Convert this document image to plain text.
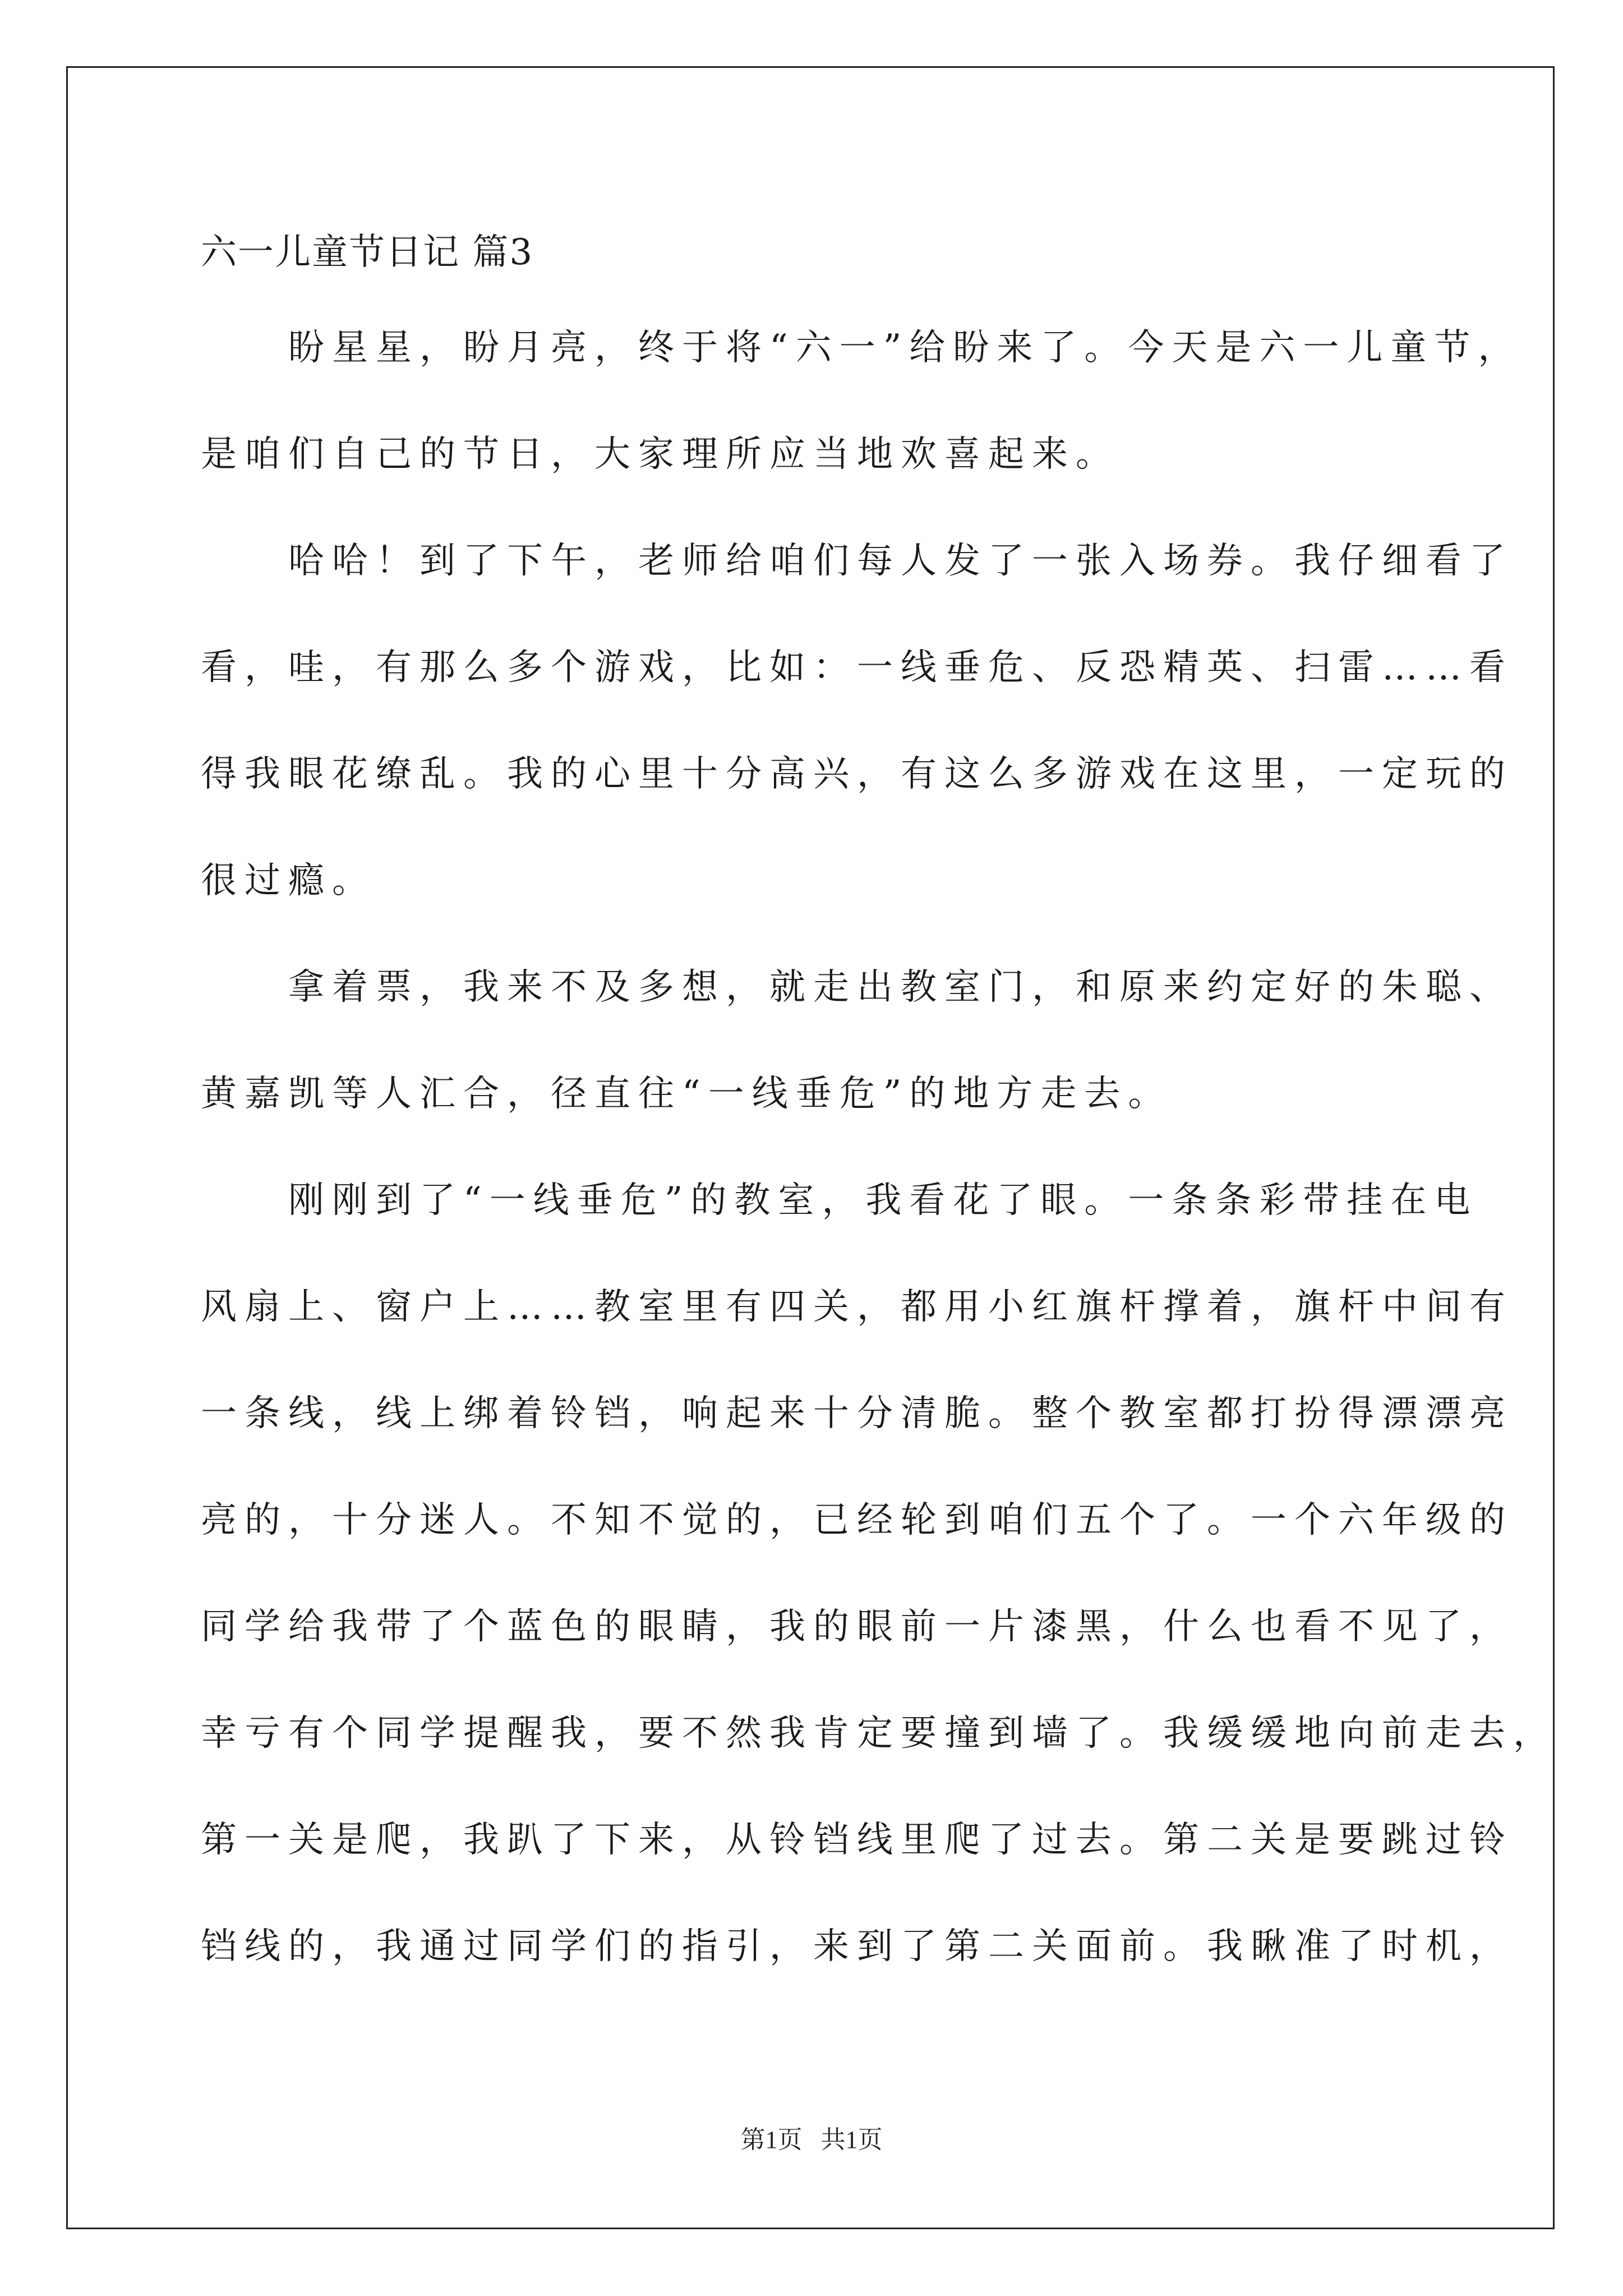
六一儿童节日记 篇3
　　盼星星，盼月亮，终于将“六一”给盼来了。今天是六一儿童节，
是咱们自己的节日，大家理所应当地欢喜起来。
　　哈哈！到了下午，老师给咱们每人发了一张入场券。我仔细看了
看，哇，有那么多个游戏，比如：一线垂危、反恐精英、扫雷……看
得我眼花缭乱。我的心里十分高兴，有这么多游戏在这里，一定玩的
很过瘾。
　　拿着票，我来不及多想，就走出教室门，和原来约定好的朱聪、
黄嘉凯等人汇合，径直往“一线垂危”的地方走去。
　　刚刚到了“一线垂危”的教室，我看花了眼。一条条彩带挂在电
风扇上、窗户上……教室里有四关，都用小红旗杆撑着，旗杆中间有
一条线，线上绑着铃铛，响起来十分清脆。整个教室都打扮得漂漂亮
亮的，十分迷人。不知不觉的，已经轮到咱们五个了。一个六年级的
同学给我带了个蓝色的眼睛，我的眼前一片漆黑，什么也看不见了，
幸亏有个同学提醒我，要不然我肯定要撞到墙了。我缓缓地向前走去，
第一关是爬，我趴了下来，从铃铛线里爬了过去。第二关是要跳过铃
铛线的，我通过同学们的指引，来到了第二关面前。我瞅准了时机，
第1页   共1页
